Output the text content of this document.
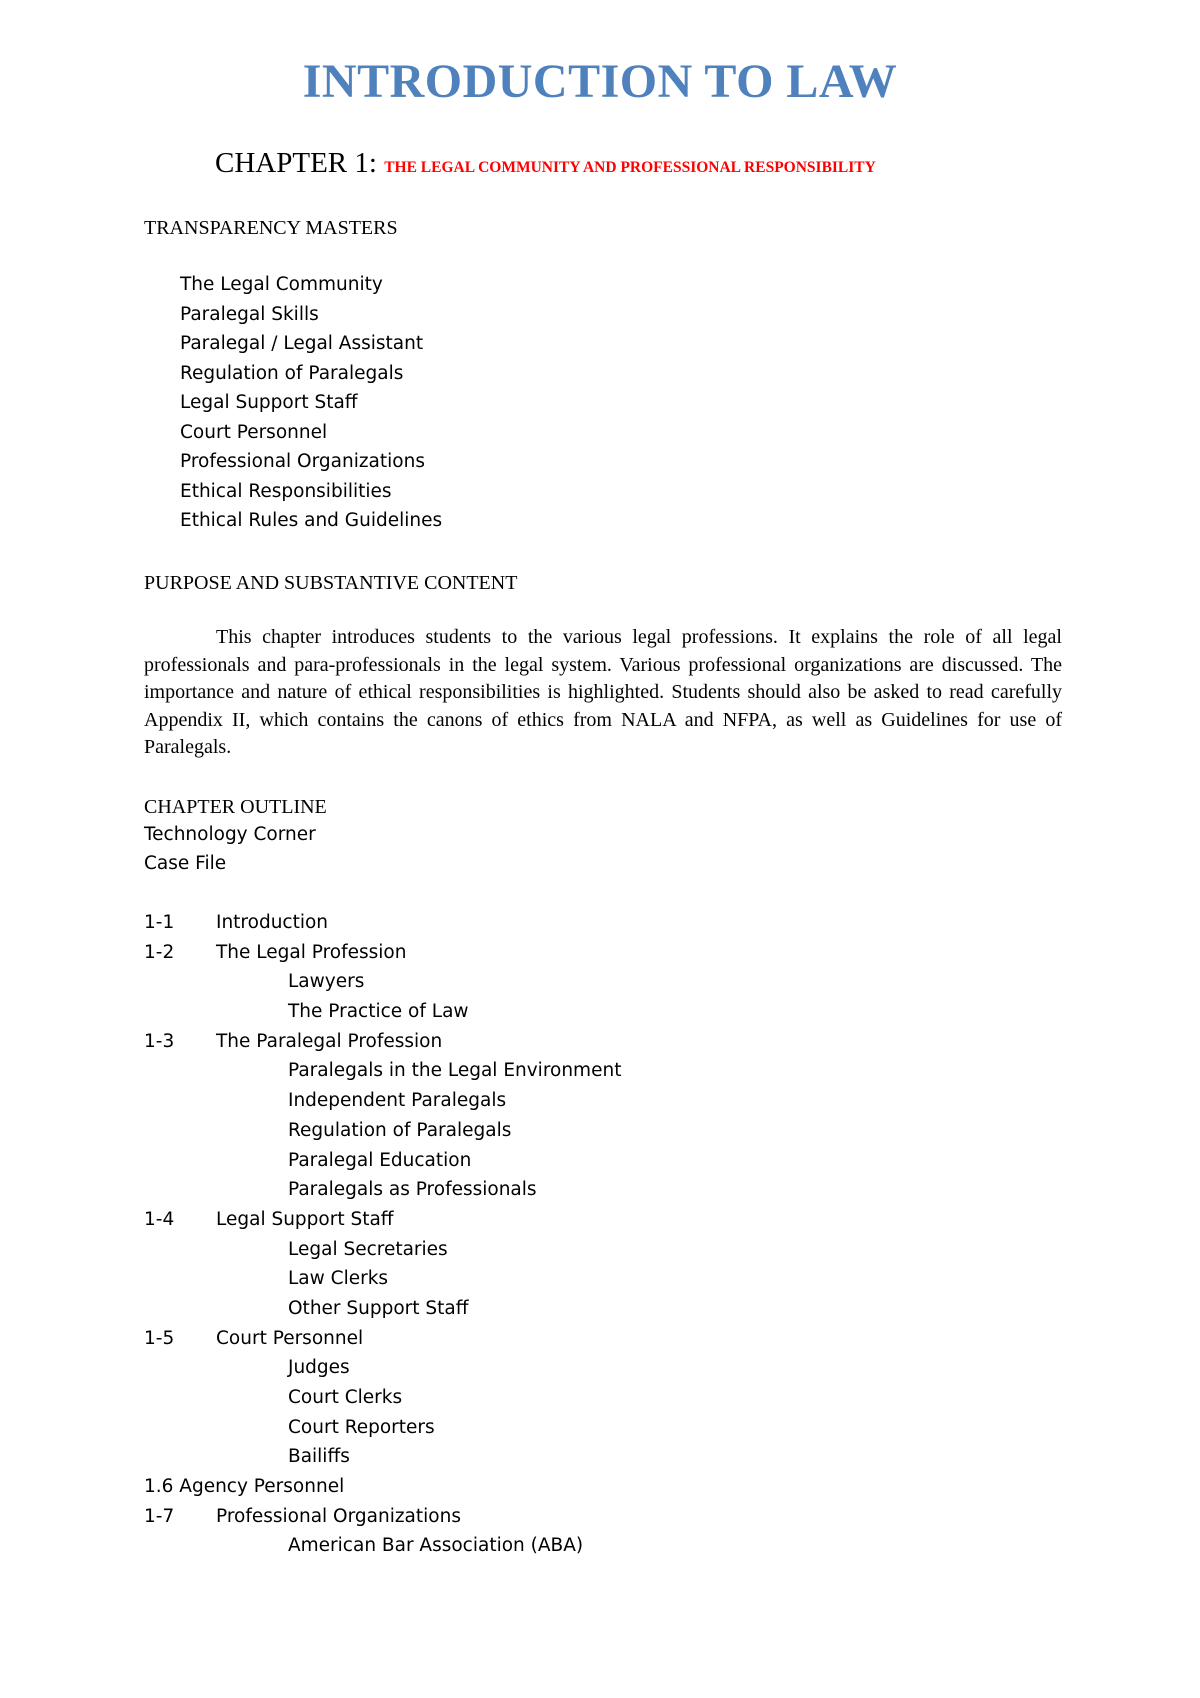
INTRODUCTION TO LAW
CHAPTER 1: THE LEGAL COMMUNITY AND PROFESSIONAL RESPONSIBILITY
TRANSPARENCY MASTERS
The Legal Community
Paralegal Skills
Paralegal / Legal Assistant
Regulation of Paralegals
Legal Support Staff
Court Personnel
Professional Organizations
Ethical Responsibilities
Ethical Rules and Guidelines
PURPOSE AND SUBSTANTIVE CONTENT

This chapter introduces students to the various legal professions. It explains the role of all legal professionals and para-professionals in the legal system. Various professional organizations are discussed. The importance and nature of ethical responsibilities is highlighted. Students should also be asked to read carefully Appendix II, which contains the canons of ethics from NALA and NFPA, as well as Guidelines for use of Paralegals.

CHAPTER OUTLINE
Technology Corner
Case File
1-1 Introduction
1-2 The Legal Profession
Lawyers
The Practice of Law
1-3 The Paralegal Profession
Paralegals in the Legal Environment
Independent Paralegals
Regulation of Paralegals
Paralegal Education
Paralegals as Professionals
1-4 Legal Support Staff
Legal Secretaries
Law Clerks
Other Support Staff
1-5 Court Personnel
Judges
Court Clerks
Court Reporters
Bailiffs
1.6 Agency Personnel
1-7 Professional Organizations
American Bar Association (ABA)
